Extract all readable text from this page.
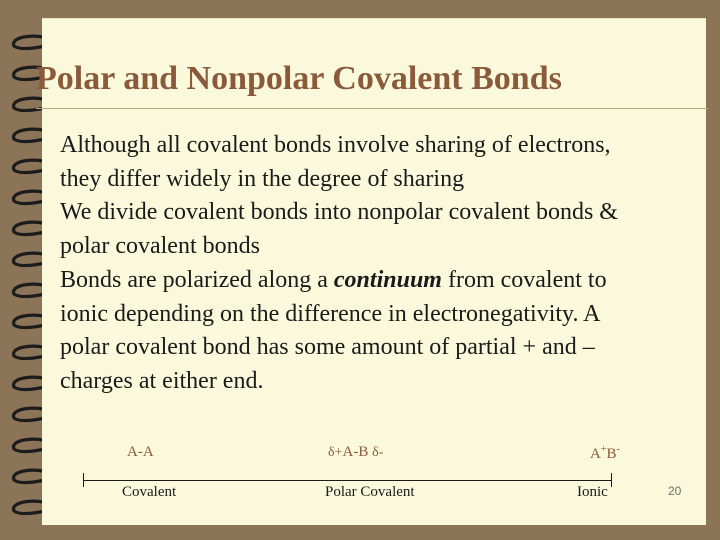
Polar and Nonpolar Covalent Bonds

Although all covalent bonds involve sharing of electrons, they differ widely in the degree of sharing

We divide covalent bonds into nonpolar covalent bonds & polar covalent bonds

Bonds are polarized along a continuum from covalent to ionic depending on the difference in electronegativity. A polar covalent bond has some amount of partial + and – charges at either end.

A-A	δ+A-B δ-	A+B-
Covalent	Polar Covalent	Ionic	20
